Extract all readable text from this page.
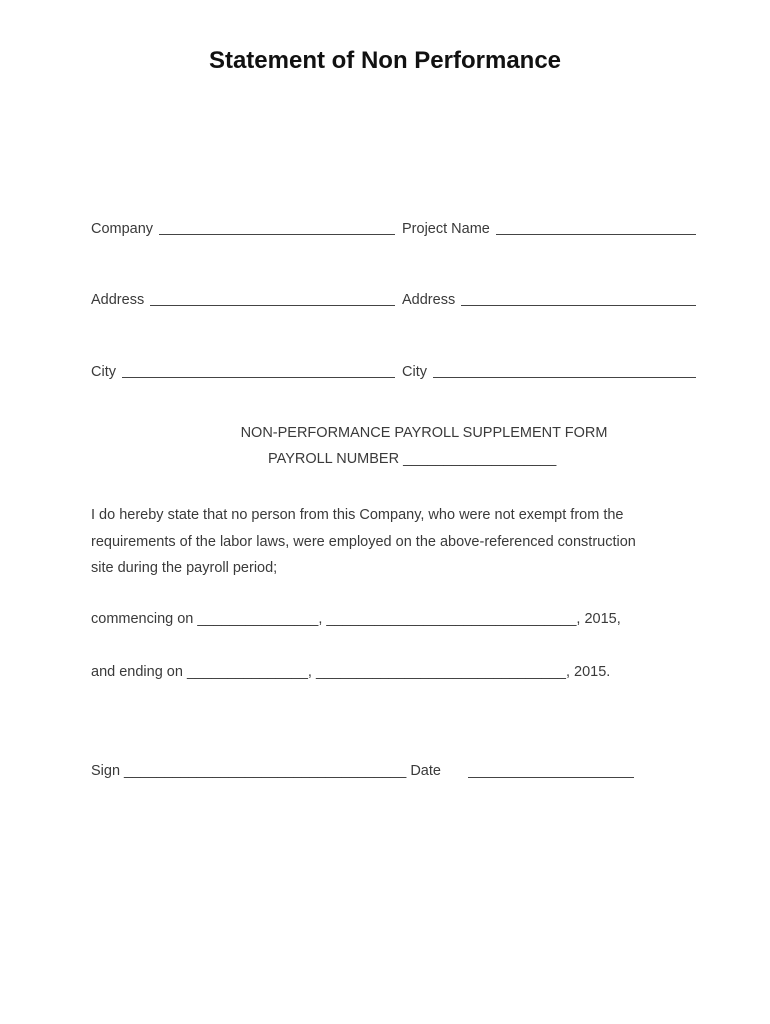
Statement of Non Performance
Company	Project Name
Address	Address
City	City
NON-PERFORMANCE PAYROLL SUPPLEMENT FORM
PAYROLL NUMBER ___________________
I do hereby state that no person from this Company, who were not exempt from the
requirements of the labor laws, were employed on the above-referenced construction
site during the payroll period;
commencing on _______________, _______________________________, 2015,
and ending on _______________, _______________________________, 2015.
Sign ___________________________________ Date
